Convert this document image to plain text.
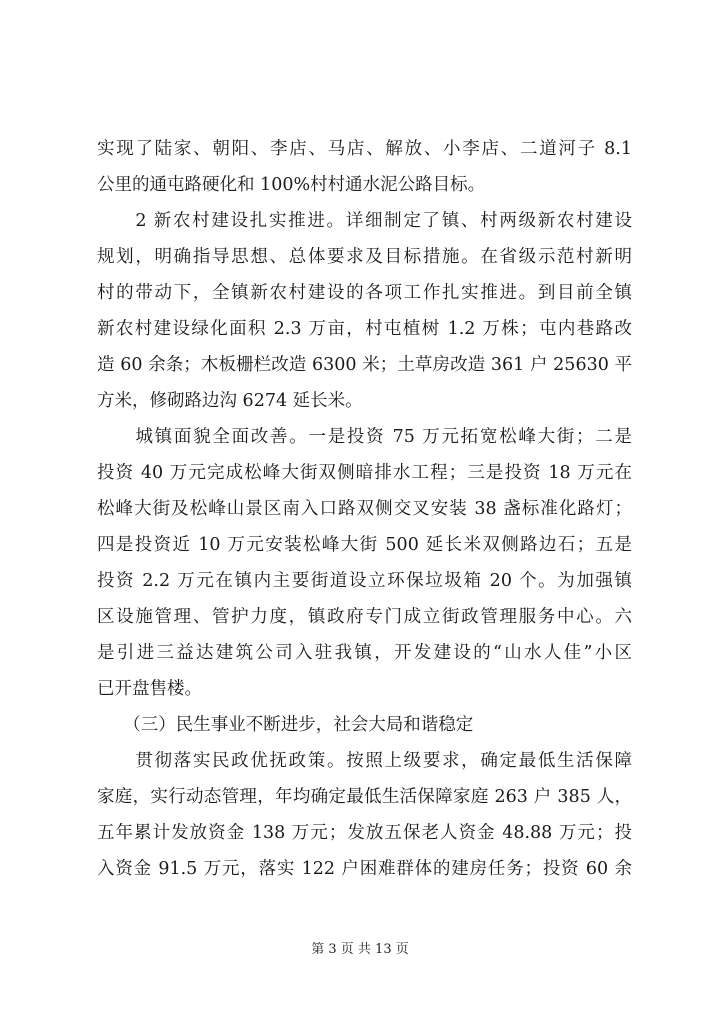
实现了陆家、朝阳、李店、马店、解放、小李店、二道河子 8.1
公里的通屯路硬化和 100%村村通水泥公路目标。
　　2 新农村建设扎实推进。详细制定了镇、村两级新农村建设
规划，明确指导思想、总体要求及目标措施。在省级示范村新明
村的带动下，全镇新农村建设的各项工作扎实推进。到目前全镇
新农村建设绿化面积 2.3 万亩，村屯植树 1.2 万株；屯内巷路改
造 60 余条；木板栅栏改造 6300 米；土草房改造 361 户 25630 平
方米，修砌路边沟 6274 延长米。
　　城镇面貌全面改善。一是投资 75 万元拓宽松峰大街；二是
投资 40 万元完成松峰大街双侧暗排水工程；三是投资 18 万元在
松峰大街及松峰山景区南入口路双侧交叉安装 38 盏标准化路灯；
四是投资近 10 万元安装松峰大街 500 延长米双侧路边石；五是
投资 2.2 万元在镇内主要街道设立环保垃圾箱 20 个。为加强镇
区设施管理、管护力度，镇政府专门成立街政管理服务中心。六
是引进三益达建筑公司入驻我镇，开发建设的“山水人佳”小区
已开盘售楼。
　　（三）民生事业不断进步，社会大局和谐稳定
　　贯彻落实民政优抚政策。按照上级要求，确定最低生活保障
家庭，实行动态管理，年均确定最低生活保障家庭 263 户 385 人，
五年累计发放资金 138 万元；发放五保老人资金 48.88 万元；投
入资金 91.5 万元，落实 122 户困难群体的建房任务；投资 60 余
第 3 页 共 13 页
